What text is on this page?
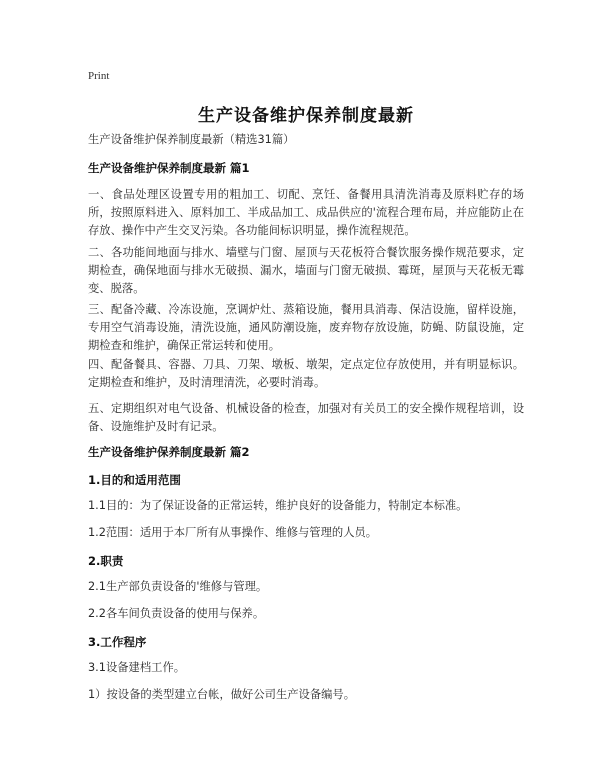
Print
生产设备维护保养制度最新

生产设备维护保养制度最新（精选31篇）

生产设备维护保养制度最新 篇1

一、食品处理区设置专用的粗加工、切配、烹饪、备餐用具清洗消毒及原料贮存的场所，按照原料进入、原料加工、半成品加工、成品供应的'流程合理布局，并应能防止在存放、操作中产生交叉污染。各功能间标识明显，操作流程规范。

二、各功能间地面与排水、墙壁与门窗、屋顶与天花板符合餐饮服务操作规范要求，定期检查，确保地面与排水无破损、漏水，墙面与门窗无破损、霉斑，屋顶与天花板无霉变、脱落。

三、配备冷藏、冷冻设施，烹调炉灶、蒸箱设施，餐用具消毒、保洁设施，留样设施，专用空气消毒设施，清洗设施，通风防潮设施，废弃物存放设施，防蝇、防鼠设施，定期检查和维护，确保正常运转和使用。

四、配备餐具、容器、刀具、刀架、墩板、墩架，定点定位存放使用，并有明显标识。定期检查和维护，及时清理清洗，必要时消毒。

五、定期组织对电气设备、机械设备的检查，加强对有关员工的安全操作规程培训，设备、设施维护及时有记录。

生产设备维护保养制度最新 篇2

1.目的和适用范围

1.1目的：为了保证设备的正常运转，维护良好的设备能力，特制定本标准。

1.2范围：适用于本厂所有从事操作、维修与管理的人员。

2.职责

2.1生产部负责设备的'维修与管理。

2.2各车间负责设备的使用与保养。

3.工作程序

3.1设备建档工作。

1）按设备的类型建立台帐，做好公司生产设备编号。
